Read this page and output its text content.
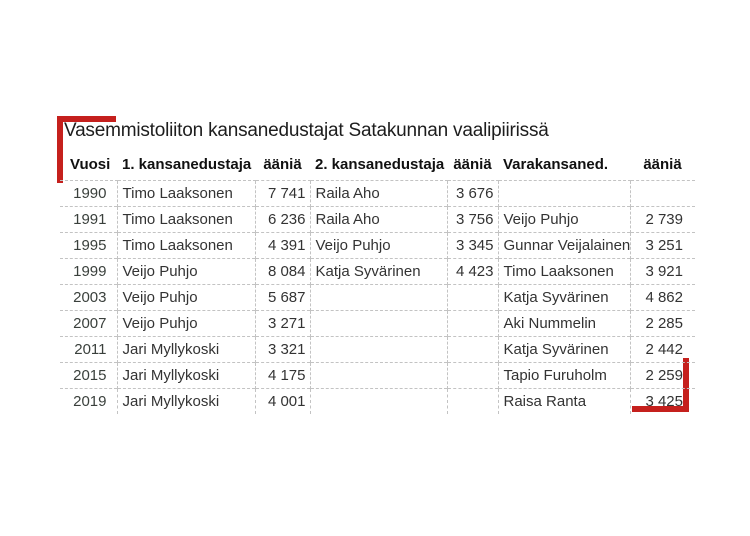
Vasemmistoliiton kansanedustajat Satakunnan vaalipiirissä
Vuosi	1. kansanedustaja	ääniä	2. kansanedustaja	ääniä	Varakansaned.	ääniä
1990	Timo Laaksonen	7 741	Raila Aho	3 676		
1991	Timo Laaksonen	6 236	Raila Aho	3 756	Veijo Puhjo	2 739
1995	Timo Laaksonen	4 391	Veijo Puhjo	3 345	Gunnar Veijalainen	3 251
1999	Veijo Puhjo	8 084	Katja Syvärinen	4 423	Timo Laaksonen	3 921
2003	Veijo Puhjo	5 687			Katja Syvärinen	4 862
2007	Veijo Puhjo	3 271			Aki Nummelin	2 285
2011	Jari Myllykoski	3 321			Katja Syvärinen	2 442
2015	Jari Myllykoski	4 175			Tapio Furuholm	2 259
2019	Jari Myllykoski	4 001			Raisa Ranta	3 425
